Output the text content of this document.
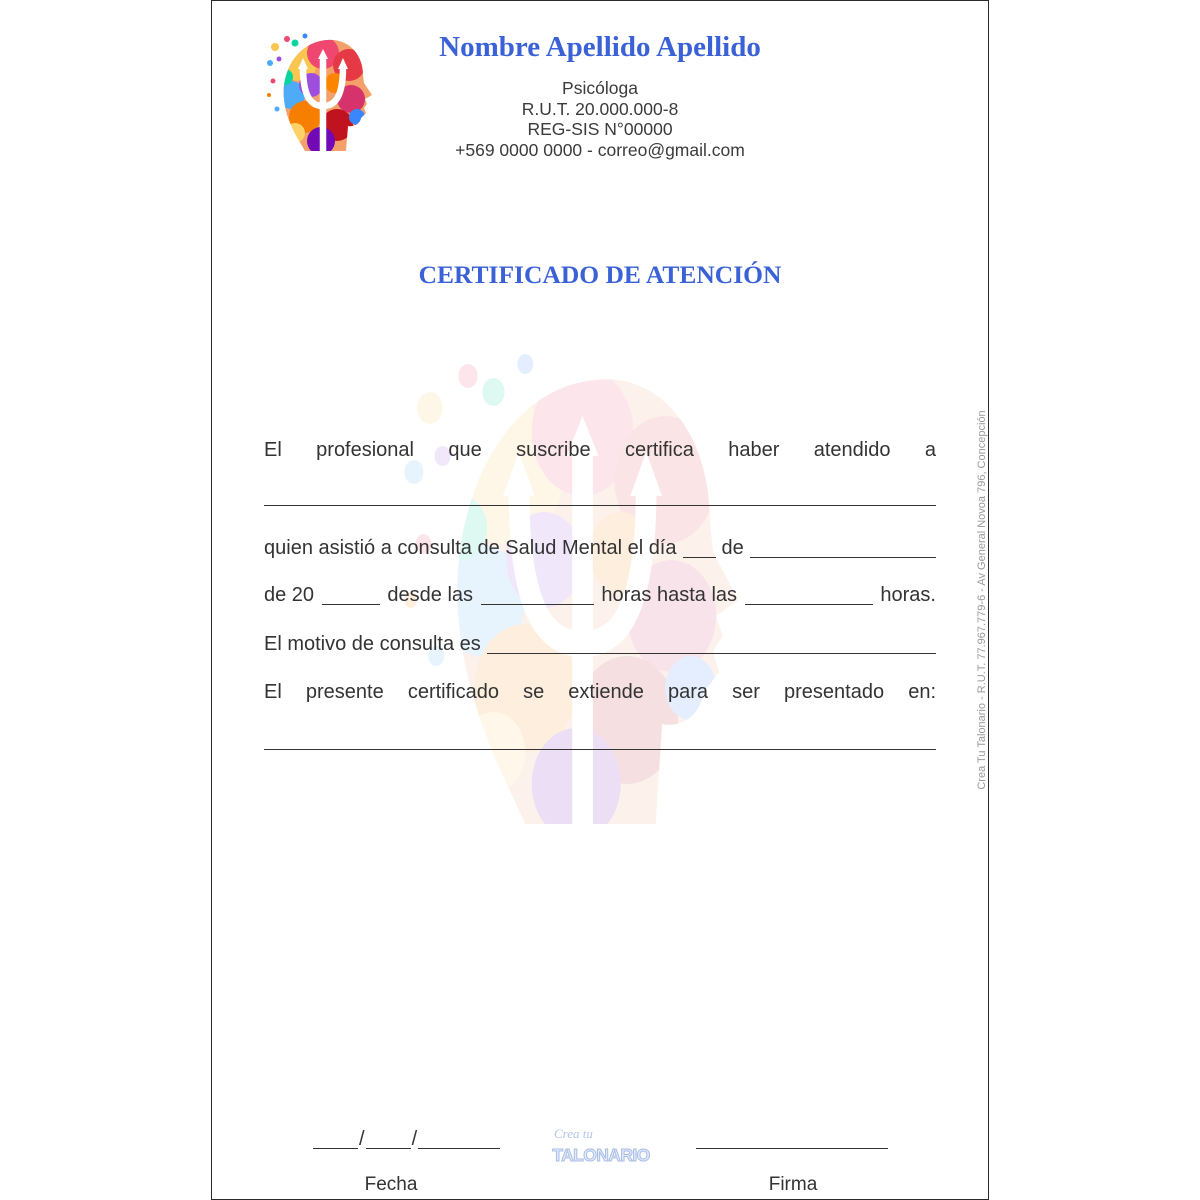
Nombre Apellido Apellido
Psicóloga
R.U.T. 20.000.000-8
REG-SIS N°00000
+569 0000 0000 - correo@gmail.com
CERTIFICADO DE ATENCIÓN
El profesional que suscribe certifica haber atendido a
quien asistió a consulta de Salud Mental el día de
de 20	desde las	horas hasta las	horas.
El motivo de consulta es
El presente certificado se extiende para ser presentado en:
/ /	Crea tu
TALONARIO
Fecha	Firma
Crea Tu Talonario - R.U.T. 77.967.779-6 - Av General Novoa 796, Concepción
